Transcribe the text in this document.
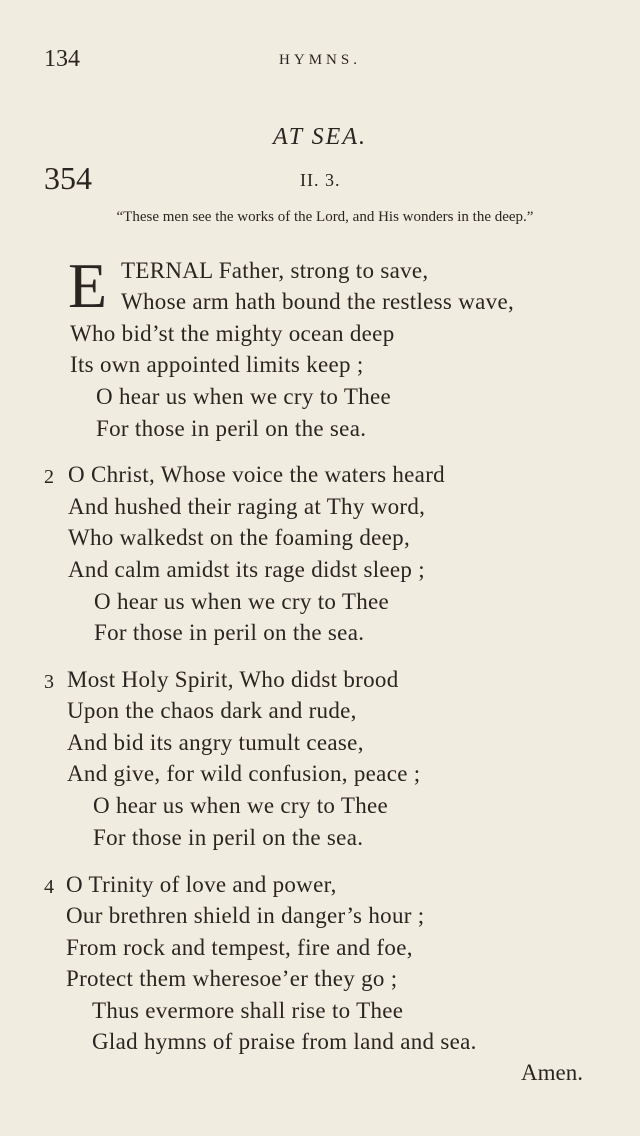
134	HYMNS.
AT SEA.
354	II. 3.
“These men see the works of the Lord, and His wonders in the deep.”
E TERNAL Father, strong to save,
Whose arm hath bound the restless wave,
Who bid’st the mighty ocean deep
Its own appointed limits keep ;
O hear us when we cry to Thee
For those in peril on the sea.
2 O Christ, Whose voice the waters heard
And hushed their raging at Thy word,
Who walkedst on the foaming deep,
And calm amidst its rage didst sleep ;
O hear us when we cry to Thee
For those in peril on the sea.
3 Most Holy Spirit, Who didst brood
Upon the chaos dark and rude,
And bid its angry tumult cease,
And give, for wild confusion, peace ;
O hear us when we cry to Thee
For those in peril on the sea.
4 O Trinity of love and power,
Our brethren shield in danger’s hour ;
From rock and tempest, fire and foe,
Protect them wheresoe’er they go ;
Thus evermore shall rise to Thee
Glad hymns of praise from land and sea.
Amen.
